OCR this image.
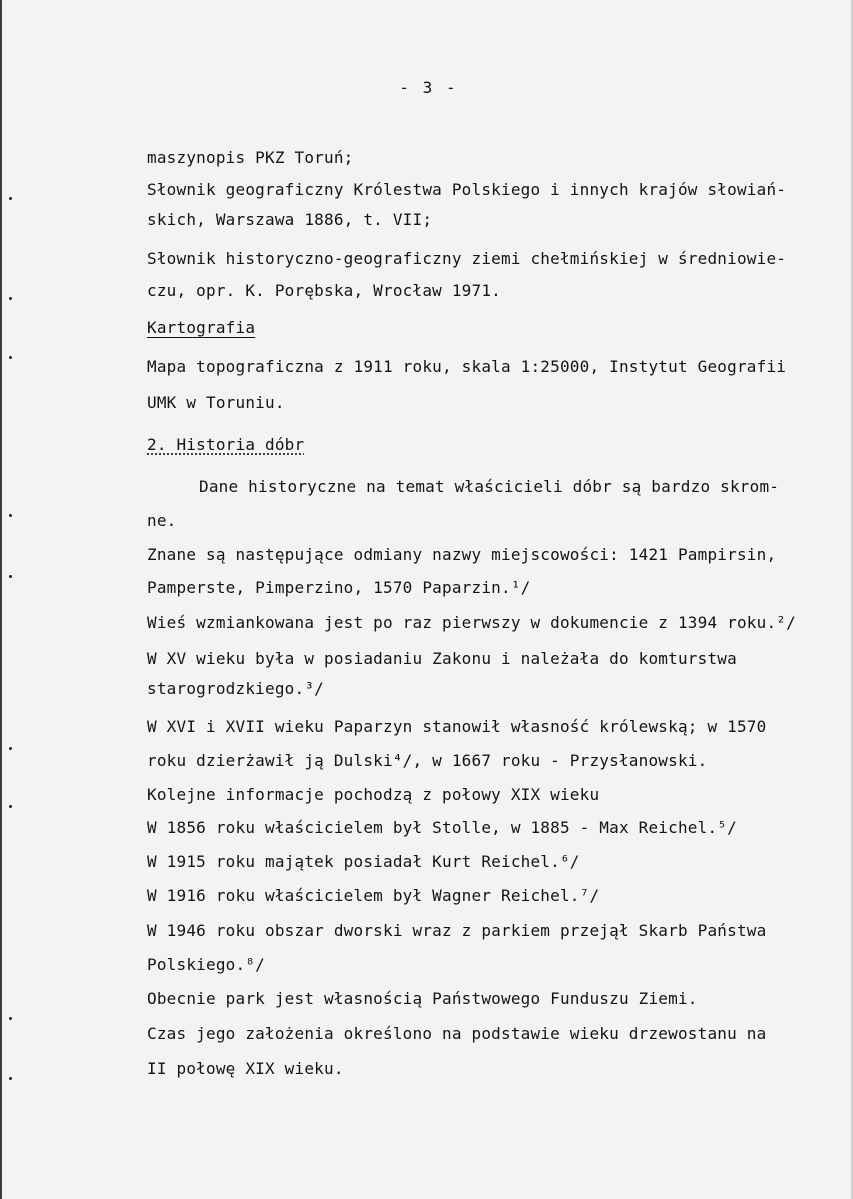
- 3 -
maszynopis PKZ Toruń;
Słownik geograficzny Królestwa Polskiego i innych krajów słowiań-
skich, Warszawa 1886, t. VII;
Słownik historyczno-geograficzny ziemi chełmińskiej w średniowie-
czu, opr. K. Porębska, Wrocław 1971.
Kartografia
Mapa topograficzna z 1911 roku, skala 1:25000, Instytut Geografii
UMK w Toruniu.
2. Historia dóbr
Dane historyczne na temat właścicieli dóbr są bardzo skrom-
ne.
Znane są następujące odmiany nazwy miejscowości: 1421 Pampirsin,
Pamperste, Pimperzino, 1570 Paparzin.¹/
Wieś wzmiankowana jest po raz pierwszy w dokumencie z 1394 roku.²/
W XV wieku była w posiadaniu Zakonu i należała do komturstwa
starogrodzkiego.³/
W XVI i XVII wieku Paparzyn stanowił własność królewską; w 1570
roku dzierżawił ją Dulski⁴/, w 1667 roku - Przysłanowski.
Kolejne informacje pochodzą z połowy XIX wieku
W 1856 roku właścicielem był Stolle, w 1885 - Max Reichel.⁵/
W 1915 roku majątek posiadał Kurt Reichel.⁶/
W 1916 roku właścicielem był Wagner Reichel.⁷/
W 1946 roku obszar dworski wraz z parkiem przejął Skarb Państwa
Polskiego.⁸/
Obecnie park jest własnością Państwowego Funduszu Ziemi.
Czas jego założenia określono na podstawie wieku drzewostanu na
II połowę XIX wieku.
